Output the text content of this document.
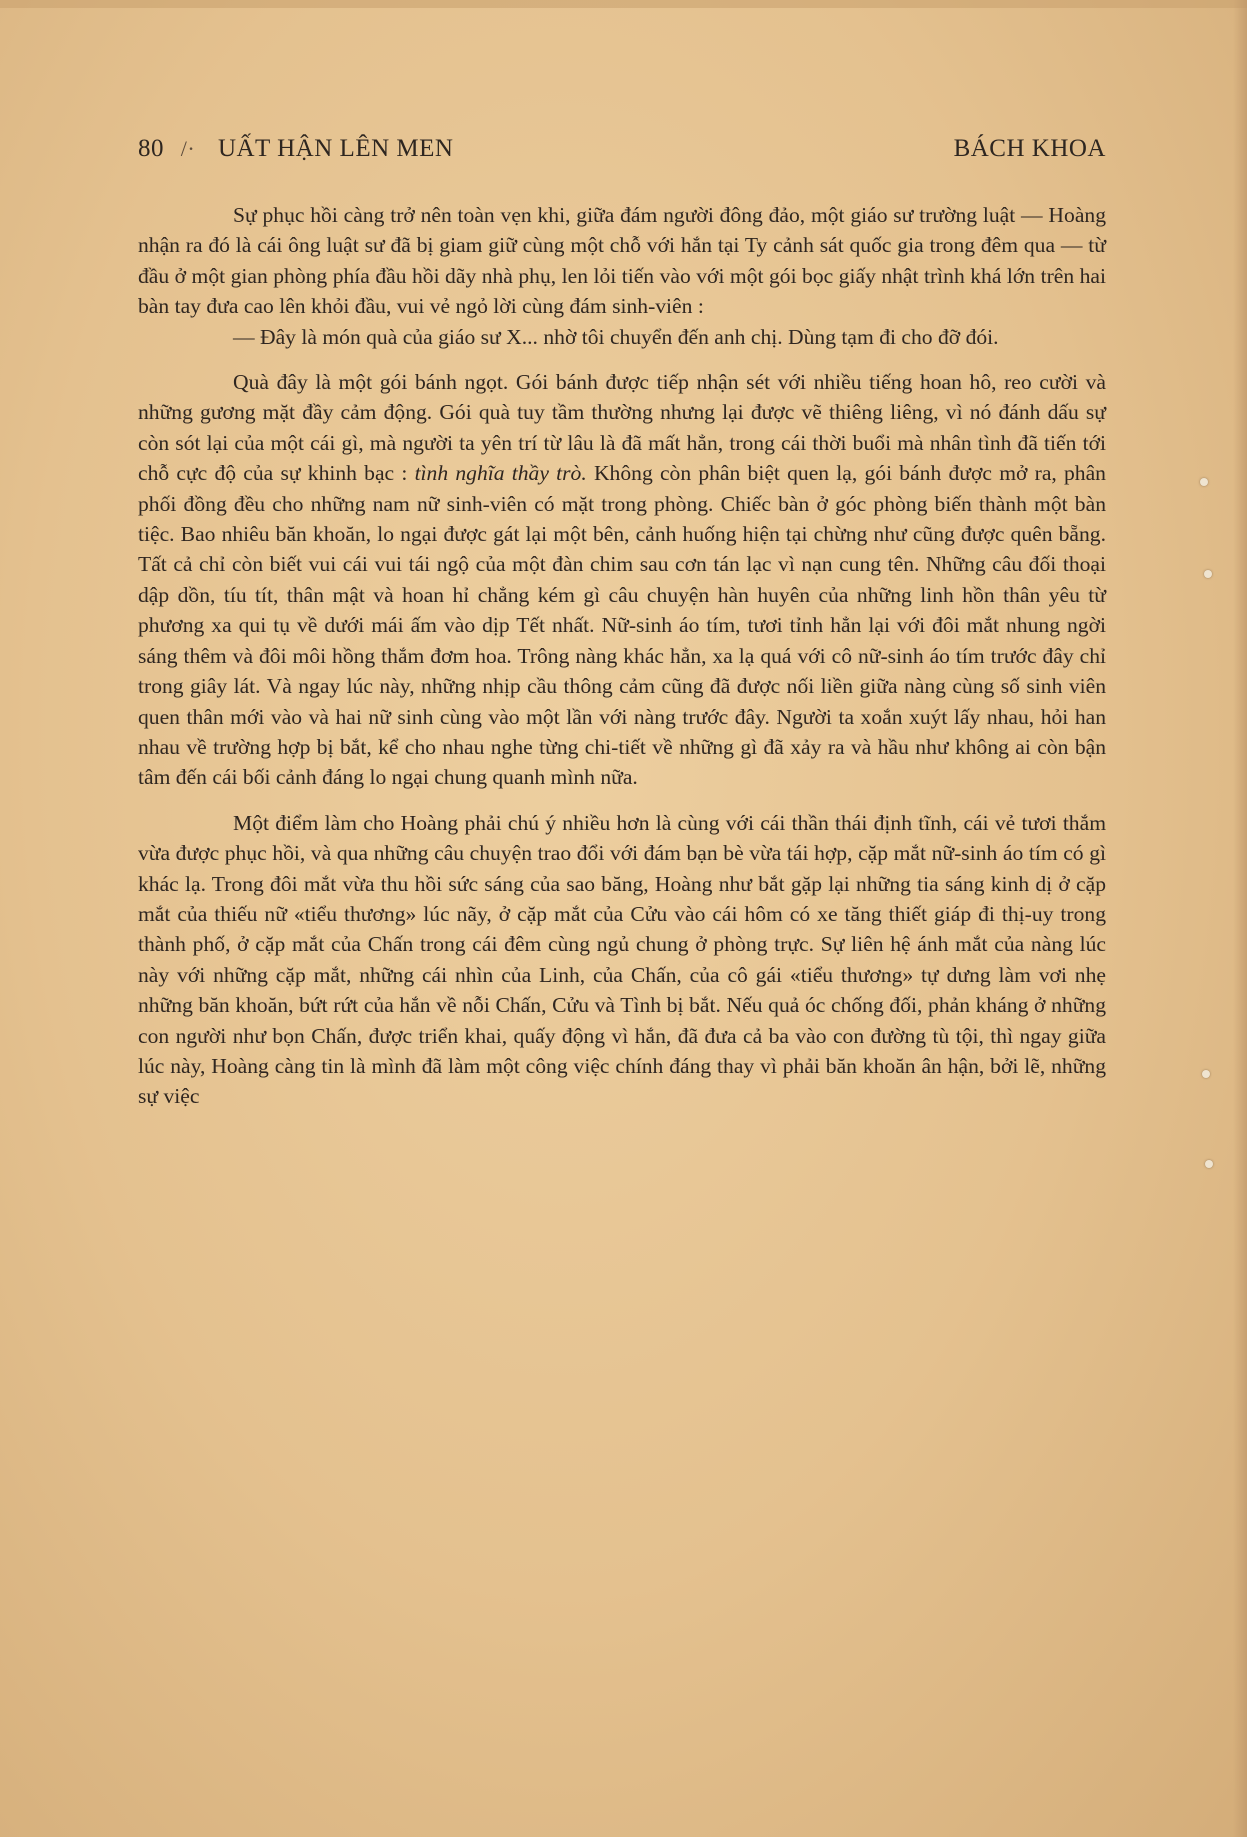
80 /· UẤT HẬN LÊN MEN	BÁCH KHOA

Sự phục hồi càng trở nên toàn vẹn khi, giữa đám người đông đảo, một giáo sư trường luật — Hoàng nhận ra đó là cái ông luật sư đã bị giam giữ cùng một chỗ với hắn tại Ty cảnh sát quốc gia trong đêm qua — từ đầu ở một gian phòng phía đầu hồi dãy nhà phụ, len lỏi tiến vào với một gói bọc giấy nhật trình khá lớn trên hai bàn tay đưa cao lên khỏi đầu, vui vẻ ngỏ lời cùng đám sinh-viên :

— Đây là món quà của giáo sư X... nhờ tôi chuyển đến anh chị. Dùng tạm đi cho đỡ đói.

Quà đây là một gói bánh ngọt. Gói bánh được tiếp nhận sét với nhiều tiếng hoan hô, reo cười và những gương mặt đầy cảm động. Gói quà tuy tầm thường nhưng lại được vẽ thiêng liêng, vì nó đánh dấu sự còn sót lại của một cái gì, mà người ta yên trí từ lâu là đã mất hẳn, trong cái thời buổi mà nhân tình đã tiến tới chỗ cực độ của sự khinh bạc : tình nghĩa thầy trò. Không còn phân biệt quen lạ, gói bánh được mở ra, phân phối đồng đều cho những nam nữ sinh-viên có mặt trong phòng. Chiếc bàn ở góc phòng biến thành một bàn tiệc. Bao nhiêu băn khoăn, lo ngại được gát lại một bên, cảnh huống hiện tại chừng như cũng được quên bẵng. Tất cả chỉ còn biết vui cái vui tái ngộ của một đàn chim sau cơn tán lạc vì nạn cung tên. Những câu đối thoại dập dồn, tíu tít, thân mật và hoan hỉ chẳng kém gì câu chuyện hàn huyên của những linh hồn thân yêu từ phương xa qui tụ về dưới mái ấm vào dịp Tết nhất. Nữ-sinh áo tím, tươi tỉnh hẳn lại với đôi mắt nhung ngời sáng thêm và đôi môi hồng thắm đơm hoa. Trông nàng khác hẳn, xa lạ quá với cô nữ-sinh áo tím trước đây chỉ trong giây lát. Và ngay lúc này, những nhịp cầu thông cảm cũng đã được nối liền giữa nàng cùng số sinh viên quen thân mới vào và hai nữ sinh cùng vào một lần với nàng trước đây. Người ta xoắn xuýt lấy nhau, hỏi han nhau về trường hợp bị bắt, kể cho nhau nghe từng chi-tiết về những gì đã xảy ra và hầu như không ai còn bận tâm đến cái bối cảnh đáng lo ngại chung quanh mình nữa.

Một điểm làm cho Hoàng phải chú ý nhiều hơn là cùng với cái thần thái định tĩnh, cái vẻ tươi thắm vừa được phục hồi, và qua những câu chuyện trao đổi với đám bạn bè vừa tái hợp, cặp mắt nữ-sinh áo tím có gì khác lạ. Trong đôi mắt vừa thu hồi sức sáng của sao băng, Hoàng như bắt gặp lại những tia sáng kinh dị ở cặp mắt của thiếu nữ «tiểu thương» lúc nãy, ở cặp mắt của Cửu vào cái hôm có xe tăng thiết giáp đi thị-uy trong thành phố, ở cặp mắt của Chấn trong cái đêm cùng ngủ chung ở phòng trực. Sự liên hệ ánh mắt của nàng lúc này với những cặp mắt, những cái nhìn của Linh, của Chấn, của cô gái «tiểu thương» tự dưng làm vơi nhẹ những băn khoăn, bứt rứt của hắn về nỗi Chấn, Cửu và Tình bị bắt. Nếu quả óc chống đối, phản kháng ở những con người như bọn Chấn, được triển khai, quấy động vì hắn, đã đưa cả ba vào con đường tù tội, thì ngay giữa lúc này, Hoàng càng tin là mình đã làm một công việc chính đáng thay vì phải băn khoăn ân hận, bởi lẽ, những sự việc
